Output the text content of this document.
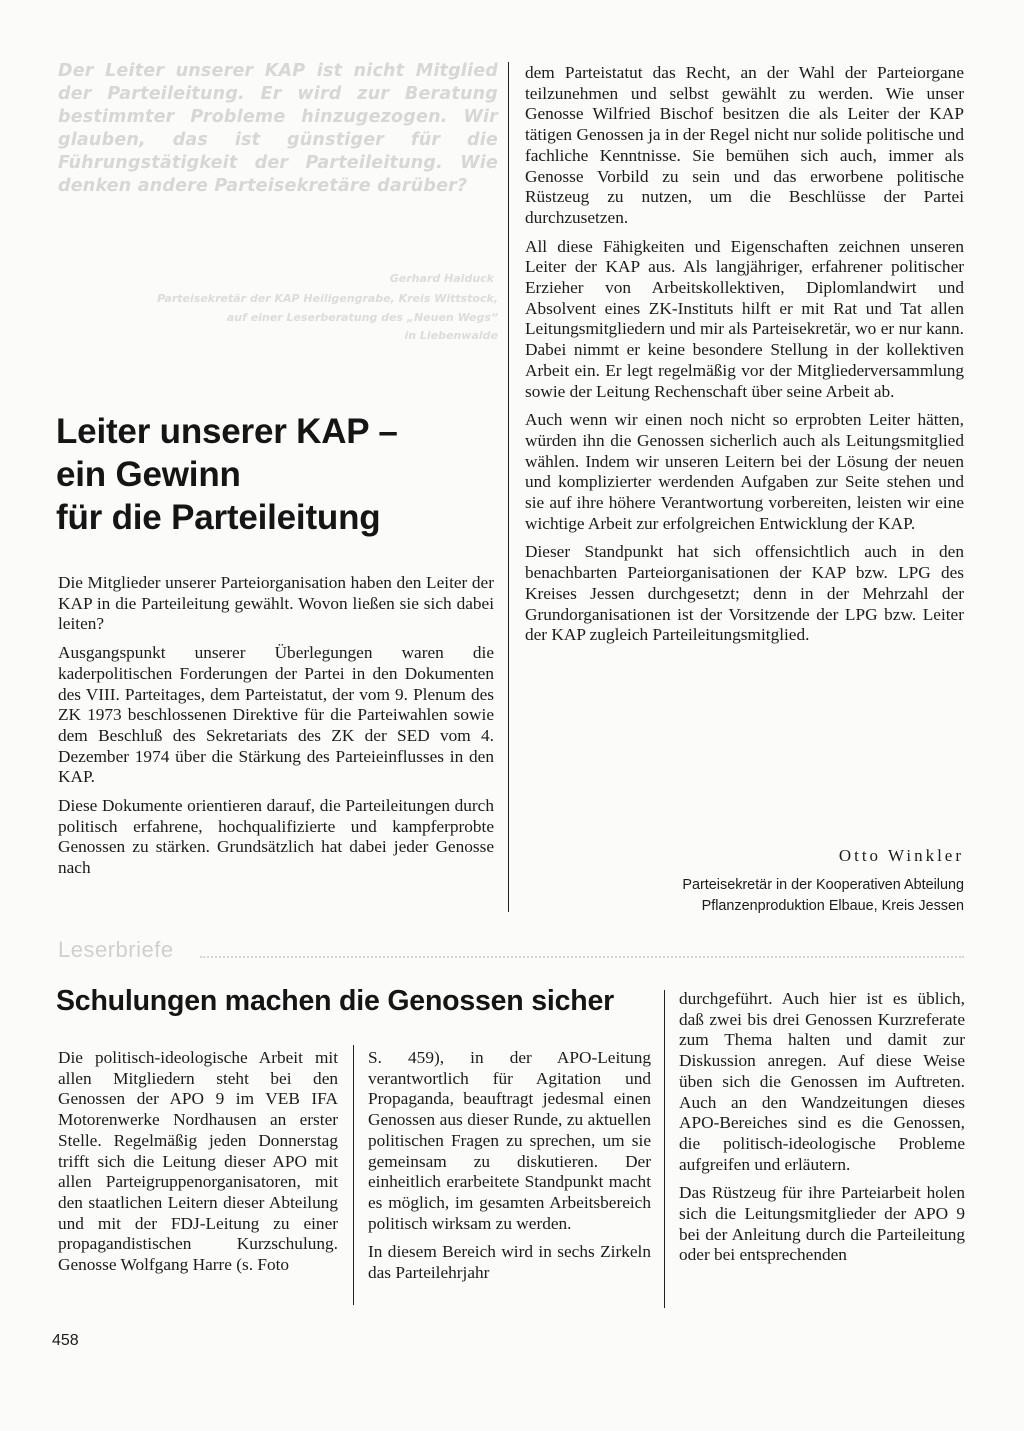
Der Leiter unserer KAP ist nicht Mitglied der Parteileitung. Er wird zur Beratung bestimmter Probleme hinzugezogen. Wir glauben, das ist günstiger für die Führungstätigkeit der Parteileitung. Wie denken andere Parteisekretäre darüber?

Gerhard Haiduck

Parteisekretär der KAP Heiligengrabe, Kreis Wittstock,
auf einer Leserberatung des „Neuen Wegs“
in Liebenwalde
Leiter unserer KAP –
ein Gewinn
für die Parteileitung

Die Mitglieder unserer Parteiorganisation haben den Leiter der KAP in die Parteileitung gewählt. Wovon ließen sie sich dabei leiten?

Ausgangspunkt unserer Überlegungen waren die kaderpolitischen Forderungen der Partei in den Dokumenten des VIII. Parteitages, dem Parteistatut, der vom 9. Plenum des ZK 1973 beschlossenen Direktive für die Parteiwahlen sowie dem Beschluß des Sekretariats des ZK der SED vom 4. Dezember 1974 über die Stärkung des Parteieinflusses in den KAP.

Diese Dokumente orientieren darauf, die Parteileitungen durch politisch erfahrene, hochqualifizierte und kampferprobte Genossen zu stärken. Grundsätzlich hat dabei jeder Genosse nach

dem Parteistatut das Recht, an der Wahl der Parteiorgane teilzunehmen und selbst gewählt zu werden. Wie unser Genosse Wilfried Bischof besitzen die als Leiter der KAP tätigen Genossen ja in der Regel nicht nur solide politische und fachliche Kenntnisse. Sie bemühen sich auch, immer als Genosse Vorbild zu sein und das erworbene politische Rüstzeug zu nutzen, um die Beschlüsse der Partei durchzusetzen.

All diese Fähigkeiten und Eigenschaften zeichnen unseren Leiter der KAP aus. Als langjähriger, erfahrener politischer Erzieher von Arbeitskollektiven, Diplomlandwirt und Absolvent eines ZK-Instituts hilft er mit Rat und Tat allen Leitungsmitgliedern und mir als Parteisekretär, wo er nur kann. Dabei nimmt er keine besondere Stellung in der kollektiven Arbeit ein. Er legt regelmäßig vor der Mitgliederversammlung sowie der Leitung Rechenschaft über seine Arbeit ab.

Auch wenn wir einen noch nicht so erprobten Leiter hätten, würden ihn die Genossen sicherlich auch als Leitungsmitglied wählen. Indem wir unseren Leitern bei der Lösung der neuen und komplizierter werdenden Aufgaben zur Seite stehen und sie auf ihre höhere Verantwortung vorbereiten, leisten wir eine wichtige Arbeit zur erfolgreichen Entwicklung der KAP.

Dieser Standpunkt hat sich offensichtlich auch in den benachbarten Parteiorganisationen der KAP bzw. LPG des Kreises Jessen durchgesetzt; denn in der Mehrzahl der Grundorganisationen ist der Vorsitzende der LPG bzw. Leiter der KAP zugleich Parteileitungsmitglied.

Otto Winkler

Parteisekretär in der Kooperativen Abteilung
Pflanzenproduktion Elbaue, Kreis Jessen

Leserbriefe

Schulungen machen die Genossen sicher

Die politisch-ideologische Arbeit mit allen Mitgliedern steht bei den Genossen der APO 9 im VEB IFA Motorenwerke Nordhausen an erster Stelle. Regelmäßig jeden Donnerstag trifft sich die Leitung dieser APO mit allen Parteigruppenorganisatoren, mit den staatlichen Leitern dieser Abteilung und mit der FDJ-Leitung zu einer propagandistischen Kurzschulung. Genosse Wolfgang Harre (s. Foto

S. 459), in der APO-Leitung verantwortlich für Agitation und Propaganda, beauftragt jedesmal einen Genossen aus dieser Runde, zu aktuellen politischen Fragen zu sprechen, um sie gemeinsam zu diskutieren. Der einheitlich erarbeitete Standpunkt macht es möglich, im gesamten Arbeitsbereich politisch wirksam zu werden.

In diesem Bereich wird in sechs Zirkeln das Parteilehrjahr

durchgeführt. Auch hier ist es üblich, daß zwei bis drei Genossen Kurzreferate zum Thema halten und damit zur Diskussion anregen. Auf diese Weise üben sich die Genossen im Auftreten. Auch an den Wandzeitungen dieses APO-Bereiches sind es die Genossen, die politisch-ideologische Probleme aufgreifen und erläutern.

Das Rüstzeug für ihre Parteiarbeit holen sich die Leitungsmitglieder der APO 9 bei der Anleitung durch die Parteileitung oder bei entsprechenden

458
